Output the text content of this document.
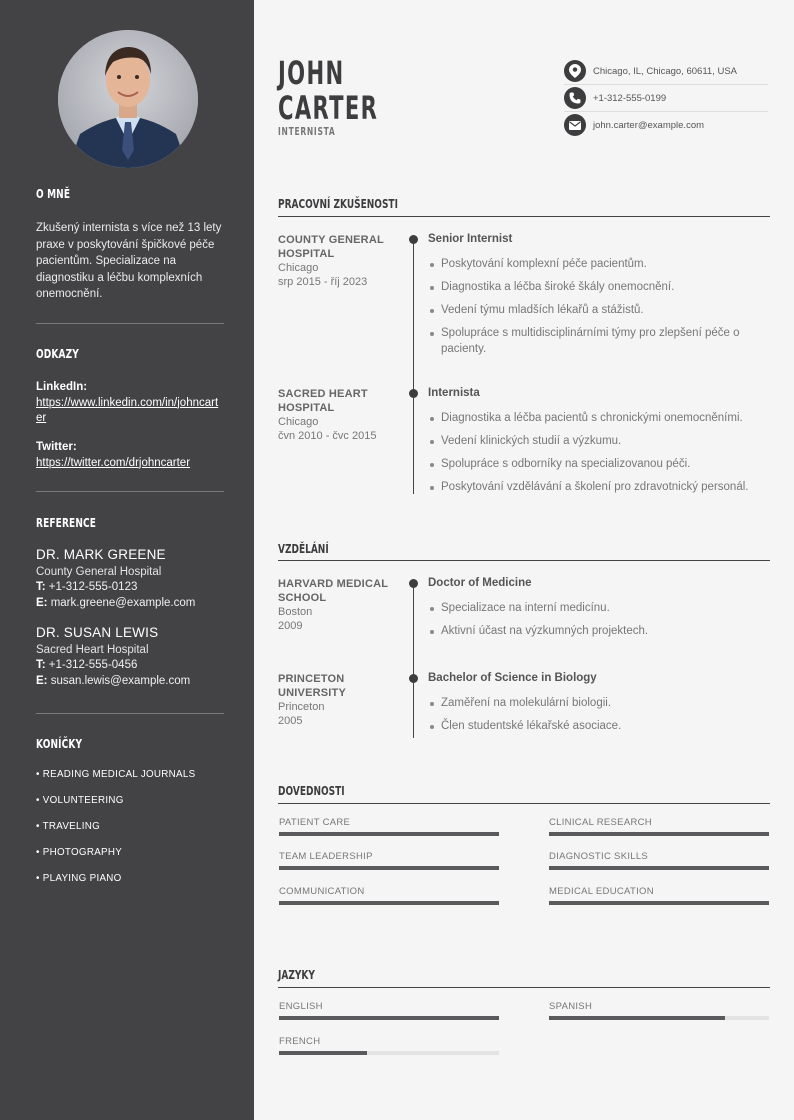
O MNĚ
Zkušený internista s více než 13 lety praxe v poskytování špičkové péče pacientům. Specializace na diagnostiku a léčbu komplexních onemocnění.
ODKAZY
LinkedIn:
https://www.linkedin.com/in/johncarter
Twitter:
https://twitter.com/drjohncarter
REFERENCE
DR. MARK GREENE
County General Hospital
T: +1-312-555-0123
E: mark.greene@example.com
DR. SUSAN LEWIS
Sacred Heart Hospital
T: +1-312-555-0456
E: susan.lewis@example.com
KONÍČKY
• READING MEDICAL JOURNALS
• VOLUNTEERING
• TRAVELING
• PHOTOGRAPHY
• PLAYING PIANO
JOHN
CARTER
INTERNISTA
Chicago, IL, Chicago, 60611, USA
+1-312-555-0199
john.carter@example.com
PRACOVNÍ ZKUŠENOSTI
COUNTY GENERAL HOSPITAL
Chicago
srp 2015 - říj 2023
Senior Internist
Poskytování komplexní péče pacientům.
Diagnostika a léčba široké škály onemocnění.
Vedení týmu mladších lékařů a stážistů.
Spolupráce s multidisciplinárními týmy pro zlepšení péče o pacienty.
SACRED HEART HOSPITAL
Chicago
čvn 2010 - čvc 2015
Internista
Diagnostika a léčba pacientů s chronickými onemocněními.
Vedení klinických studií a výzkumu.
Spolupráce s odborníky na specializovanou péči.
Poskytování vzdělávání a školení pro zdravotnický personál.
VZDĚLÁNÍ
HARVARD MEDICAL SCHOOL
Boston
2009
Doctor of Medicine
Specializace na interní medicínu.
Aktivní účast na výzkumných projektech.
PRINCETON UNIVERSITY
Princeton
2005
Bachelor of Science in Biology
Zaměření na molekulární biologii.
Člen studentské lékařské asociace.
DOVEDNOSTI
PATIENT CARE	CLINICAL RESEARCH
TEAM LEADERSHIP	DIAGNOSTIC SKILLS
COMMUNICATION	MEDICAL EDUCATION
JAZYKY
ENGLISH	SPANISH
FRENCH
